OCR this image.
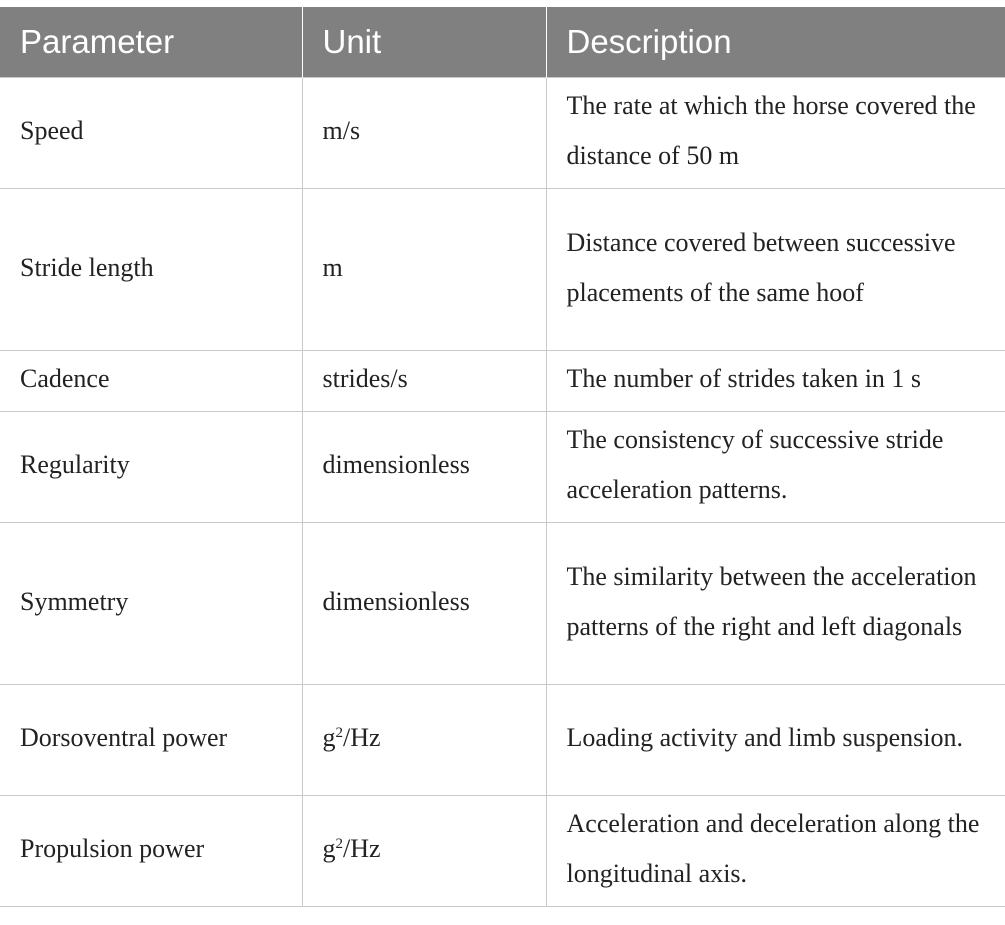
Parameter	Unit	Description
Speed	m/s	The rate at which the horse covered the distance of 50 m
Stride length	m	Distance covered between successive placements of the same hoof
Cadence	strides/s	The number of strides taken in 1 s
Regularity	dimensionless	The consistency of successive stride acceleration patterns.
Symmetry	dimensionless	The similarity between the acceleration patterns of the right and left diagonals
Dorsoventral power	$g^2/Hz$	Loading activity and limb suspension.
Propulsion power	$g^2/Hz$	Acceleration and deceleration along the longitudinal axis.
